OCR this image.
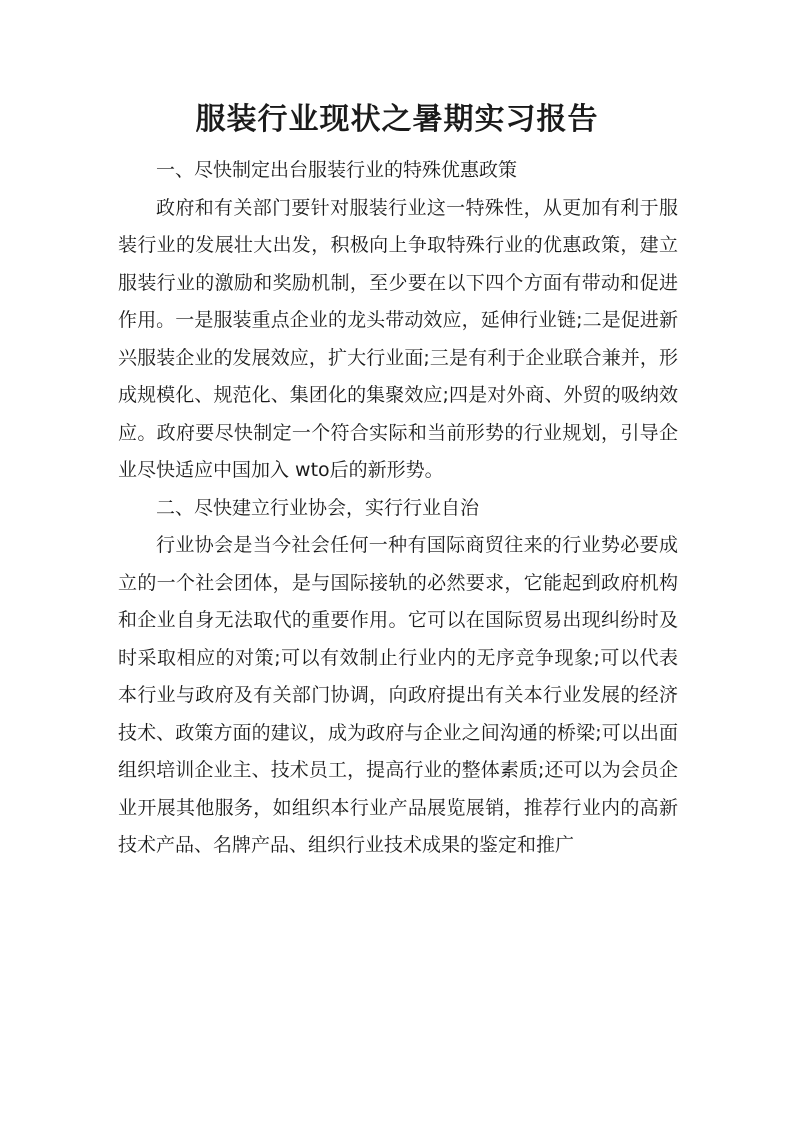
服装行业现状之暑期实习报告

一、尽快制定出台服装行业的特殊优惠政策

政府和有关部门要针对服装行业这一特殊性，从更加有利于服装行业的发展壮大出发，积极向上争取特殊行业的优惠政策，建立服装行业的激励和奖励机制，至少要在以下四个方面有带动和促进作用。一是服装重点企业的龙头带动效应，延伸行业链;二是促进新兴服装企业的发展效应，扩大行业面;三是有利于企业联合兼并，形成规模化、规范化、集团化的集聚效应;四是对外商、外贸的吸纳效应。政府要尽快制定一个符合实际和当前形势的行业规划，引导企业尽快适应中国加入 wto后的新形势。

二、尽快建立行业协会，实行行业自治

行业协会是当今社会任何一种有国际商贸往来的行业势必要成立的一个社会团体，是与国际接轨的必然要求，它能起到政府机构和企业自身无法取代的重要作用。它可以在国际贸易出现纠纷时及时采取相应的对策;可以有效制止行业内的无序竞争现象;可以代表本行业与政府及有关部门协调，向政府提出有关本行业发展的经济技术、政策方面的建议，成为政府与企业之间沟通的桥梁;可以出面组织培训企业主、技术员工，提高行业的整体素质;还可以为会员企业开展其他服务，如组织本行业产品展览展销，推荐行业内的高新技术产品、名牌产品、组织行业技术成果的鉴定和推广
